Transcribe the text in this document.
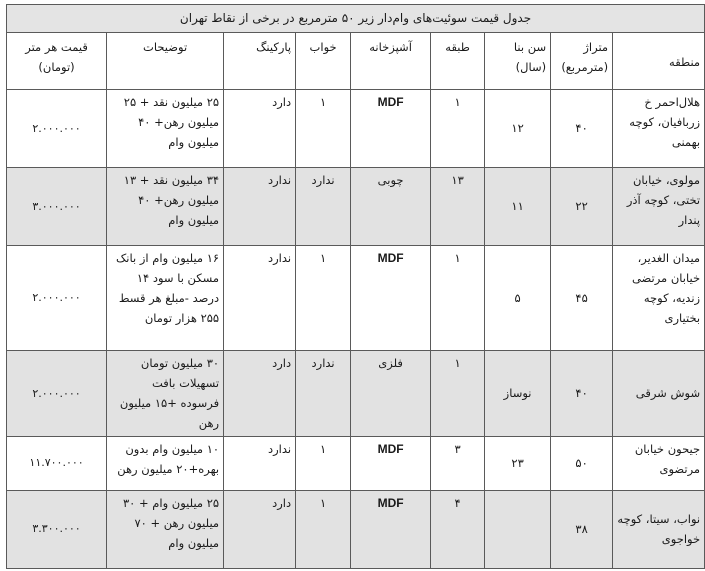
جدول قیمت سوئیت‌های وام‌دار زیر ۵۰ مترمربع در برخی از نقاط تهران								
منطقه	متراژ (مترمربع)	سن بنا (سال)	طبقه	آشپزخانه	خواب	پارکینگ	توضیحات	قیمت هر متر (تومان)
هلال‌احمر خ زربافیان، کوچه بهمنی	۴۰	۱۲	۱	MDF	۱	دارد	۲۵ میلیون نقد + ۲۵ میلیون رهن+ ۴۰ میلیون وام	۲.۰۰۰.۰۰۰
مولوی، خیابان تختی، کوچه آذر پندار	۲۲	۱۱	۱۳	چوبی	ندارد	ندارد	۳۴ میلیون نقد + ۱۳ میلیون رهن+ ۴۰ میلیون وام	۳.۰۰۰.۰۰۰
میدان الغدیر، خیابان مرتضی زندیه، کوچه بختیاری	۴۵	۵	۱	MDF	۱	ندارد	۱۶ میلیون وام از بانک مسکن با سود ۱۴ درصد -مبلغ هر قسط ۲۵۵ هزار تومان	۲.۰۰۰.۰۰۰
شوش شرقی	۴۰	نوساز	۱	فلزی	ندارد	دارد	۳۰ میلیون تومان تسهیلات بافت فرسوده +۱۵ میلیون رهن	۲.۰۰۰.۰۰۰
جیحون خیابان مرتضوی	۵۰	۲۳	۳	MDF	۱	ندارد	۱۰ میلیون وام بدون بهره+۲۰ میلیون رهن	۱۱.۷۰۰.۰۰۰
نواب، سیتا، کوچه خواجوی	۳۸		۴	MDF	۱	دارد	۲۵ میلیون وام + ۳۰ میلیون رهن + ۷۰ میلیون وام	۳.۳۰۰.۰۰۰
